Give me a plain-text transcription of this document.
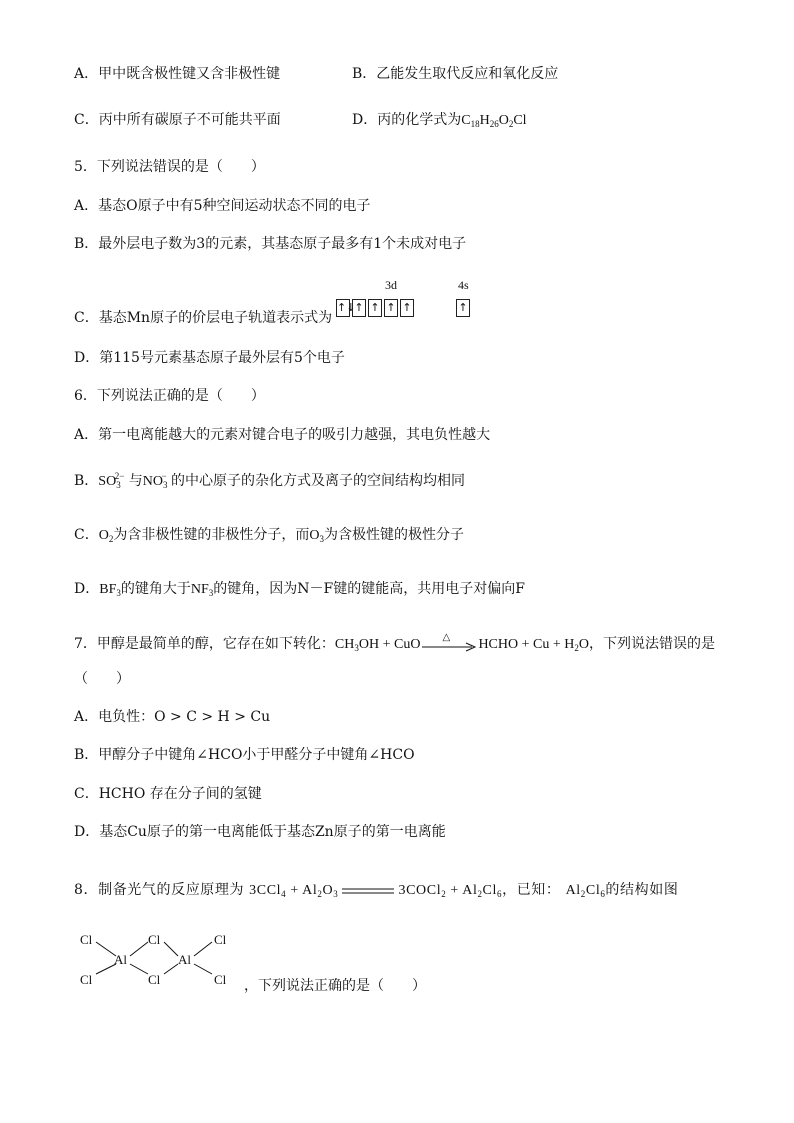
A．甲中既含极性键又含非极性键	B．乙能发生取代反应和氧化反应
C．丙中所有碳原子不可能共平面	D．丙的化学式为$C_{18}H_{26}O_2Cl$
5．下列说法错误的是（　　）
A．基态O原子中有5种空间运动状态不同的电子
B．最外层电子数为3的元素，其基态原子最多有1个未成对电子
C．基态Mn原子的价层电子轨道表示式为
3d	4s
↑↓
↑ ↑ ↑ ↑	↑
D．第115号元素基态原子最外层有5个电子
6．下列说法正确的是（　　）
A．第一电离能越大的元素对键合电子的吸引力越强，其电负性越大
B．$SO_3^{2-}$ 与$NO_3^-$ 的中心原子的杂化方式及离子的空间结构均相同
C．$O_2$为含非极性键的非极性分子，而$O_3$为含极性键的极性分子
D．$BF_3$的键角大于$NF_3$的键角，因为N－F键的键能高，共用电子对偏向F
7．甲醇是最简单的醇，它存在如下转化：$CH_3OH$ + CuO △ HCHO + $Cu + H_2O$，下列说法错误的是
（　　）
A．电负性：O > C > H > Cu
B．甲醇分子中键角∠HCO小于甲醛分子中键角∠HCO
C．HCHO 存在分子间的氢键
D．基态Cu原子的第一电离能低于基态Zn原子的第一电离能
8．制备光气的反应原理为 $3CCl_4 + Al_2O_3$	3COCl$_2$ + $Al_2Cl_6$，已知： $Al_2Cl_6$的结构如图
Cl	Cl	Cl
Al	Al
Cl	Cl	Cl ，下列说法正确的是（　　）
